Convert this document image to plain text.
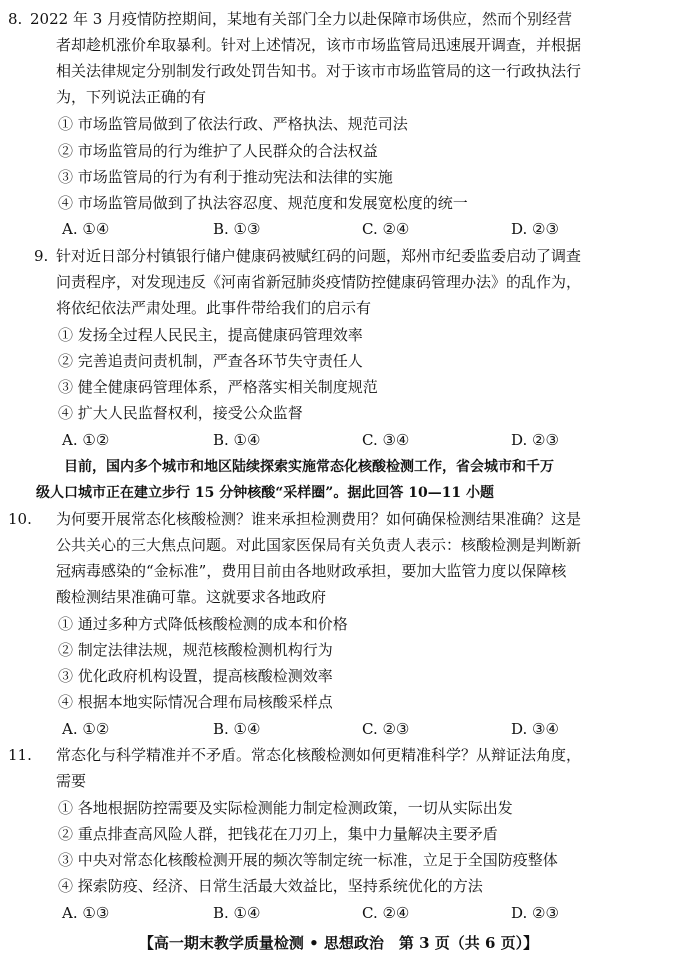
8. 2022 年 3 月疫情防控期间，某地有关部门全力以赴保障市场供应，然而个别经营
者却趁机涨价牟取暴利。针对上述情况，该市市场监管局迅速展开调查，并根据
相关法律规定分别制发行政处罚告知书。对于该市市场监管局的这一行政执法行
为，下列说法正确的有
① 市场监管局做到了依法行政、严格执法、规范司法
② 市场监管局的行为维护了人民群众的合法权益
③ 市场监管局的行为有利于推动宪法和法律的实施
④ 市场监管局做到了执法容忍度、规范度和发展宽松度的统一
A. ①④	B. ①③	C. ②④	D. ②③
9. 针对近日部分村镇银行储户健康码被赋红码的问题，郑州市纪委监委启动了调查
问责程序，对发现违反《河南省新冠肺炎疫情防控健康码管理办法》的乱作为，
将依纪依法严肃处理。此事件带给我们的启示有
① 发扬全过程人民民主，提高健康码管理效率
② 完善追责问责机制，严查各环节失守责任人
③ 健全健康码管理体系，严格落实相关制度规范
④ 扩大人民监督权利，接受公众监督
A. ①②	B. ①④	C. ③④	D. ②③
目前，国内多个城市和地区陆续探索实施常态化核酸检测工作，省会城市和千万
级人口城市正在建立步行 15 分钟核酸“采样圈”。据此回答 10—11 小题
10. 为何要开展常态化核酸检测？谁来承担检测费用？如何确保检测结果准确？这是
公共关心的三大焦点问题。对此国家医保局有关负责人表示：核酸检测是判断新
冠病毒感染的“金标准”，费用目前由各地财政承担，要加大监管力度以保障核
酸检测结果准确可靠。这就要求各地政府
① 通过多种方式降低核酸检测的成本和价格
② 制定法律法规，规范核酸检测机构行为
③ 优化政府机构设置，提高核酸检测效率
④ 根据本地实际情况合理布局核酸采样点
A. ①②	B. ①④	C. ②③	D. ③④
11. 常态化与科学精准并不矛盾。常态化核酸检测如何更精准科学？从辩证法角度，
需要
① 各地根据防控需要及实际检测能力制定检测政策，一切从实际出发
② 重点排查高风险人群，把钱花在刀刃上，集中力量解决主要矛盾
③ 中央对常态化核酸检测开展的频次等制定统一标准，立足于全国防疫整体
④ 探索防疫、经济、日常生活最大效益比，坚持系统优化的方法
A. ①③	B. ①④	C. ②④	D. ②③
【高一期末教学质量检测 • 思想政治　第 3 页（共 6 页）】
